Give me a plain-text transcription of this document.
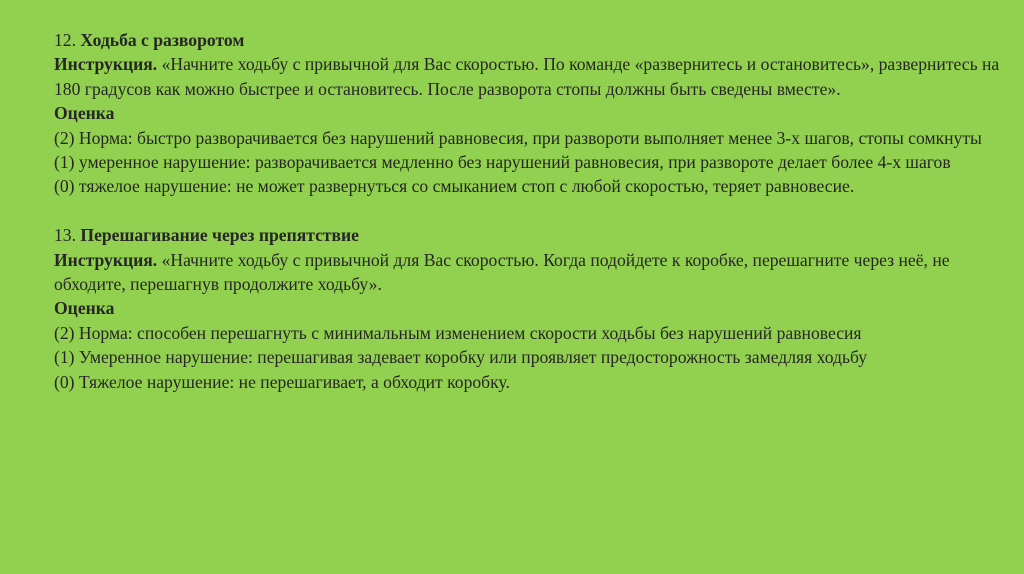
12. Ходьба с разворотом
Инструкция. «Начните ходьбу с привычной для Вас скоростью. По команде «развернитесь и остановитесь», развернитесь на 180 градусов как можно быстрее и остановитесь. После разворота стопы должны быть сведены вместе».
Оценка
(2) Норма: быстро разворачивается без нарушений равновесия, при развороти выполняет менее 3-х шагов, стопы сомкнуты
(1) умеренное нарушение: разворачивается медленно без нарушений равновесия, при развороте делает более 4-х шагов
(0) тяжелое нарушение: не может развернуться со смыканием стоп с любой скоростью, теряет равновесие.
13. Перешагивание через препятствие
Инструкция. «Начните ходьбу с привычной для Вас скоростью. Когда подойдете к коробке, перешагните через неё, не обходите, перешагнув продолжите ходьбу».
Оценка
(2) Норма: способен перешагнуть с минимальным изменением скорости ходьбы без нарушений равновесия
(1) Умеренное нарушение: перешагивая задевает коробку или проявляет предосторожность замедляя ходьбу
(0) Тяжелое нарушение: не перешагивает, а обходит коробку.
